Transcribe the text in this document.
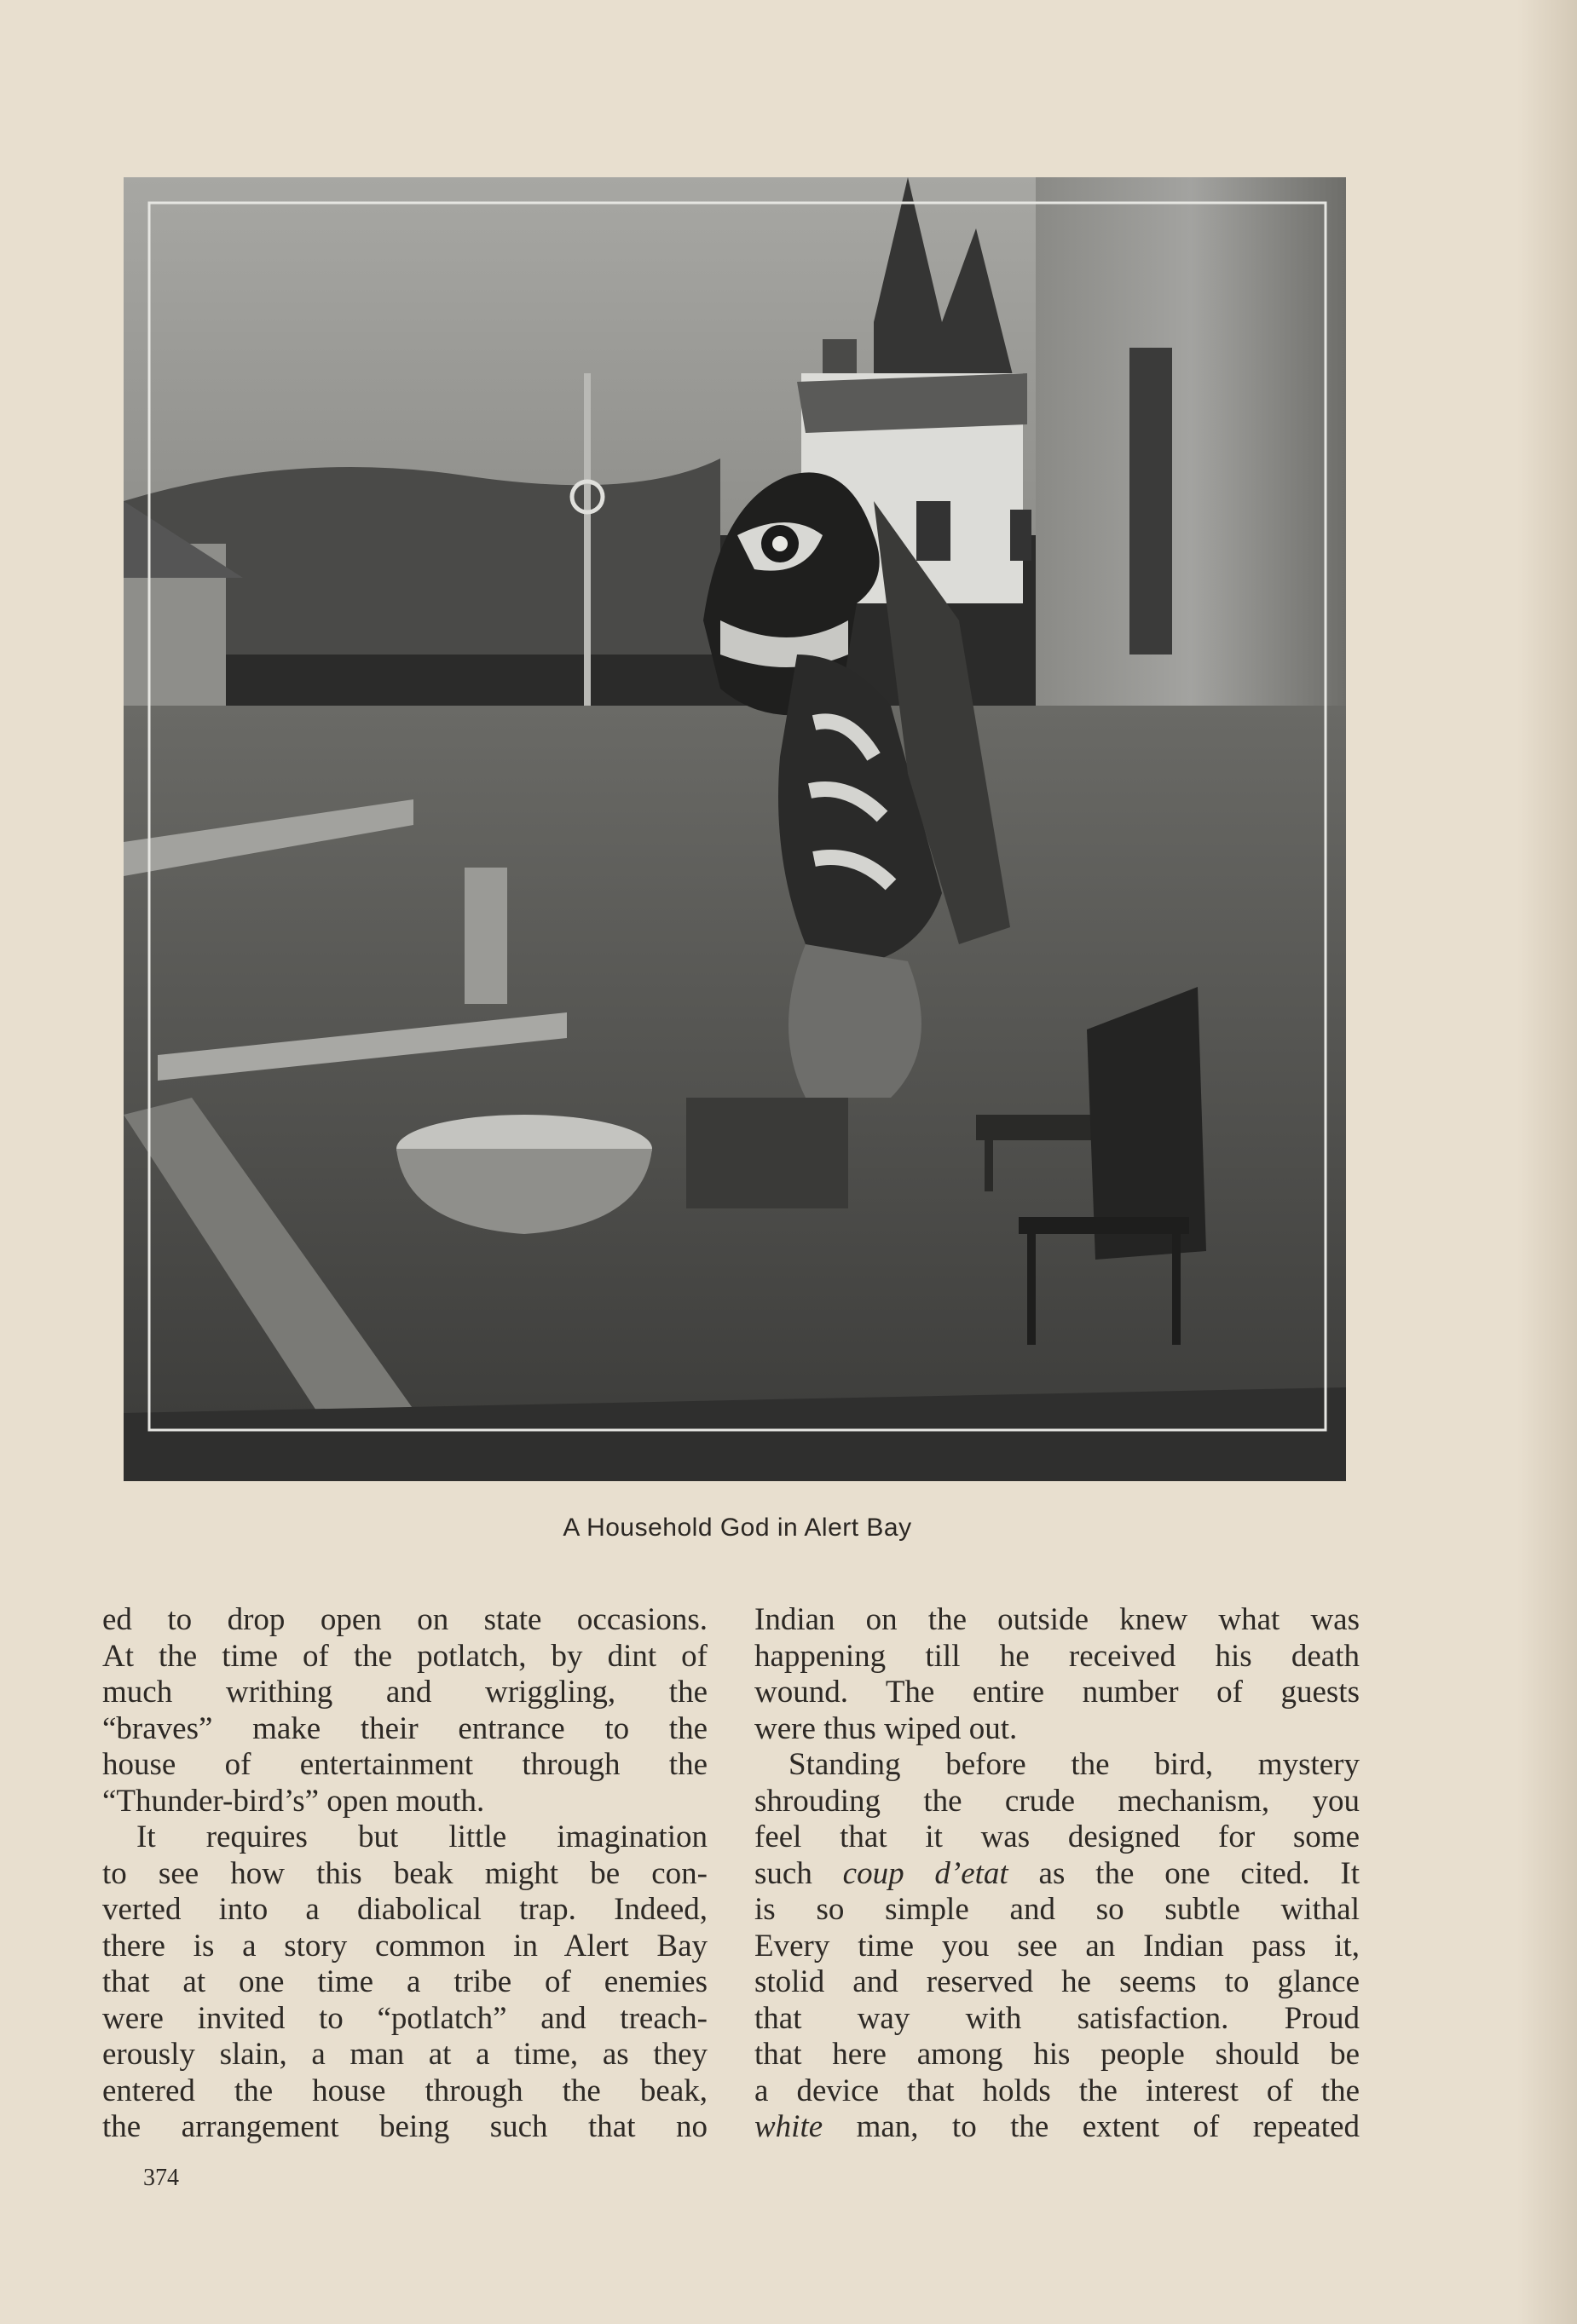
A Household God in Alert Bay

ed to drop open on state occasions.

At the time of the potlatch, by dint of

much writhing and wriggling, the

“braves” make their entrance to the

house of entertainment through the

“Thunder-bird’s” open mouth.

It requires but little imagination

to see how this beak might be con-

verted into a diabolical trap. Indeed,

there is a story common in Alert Bay

that at one time a tribe of enemies

were invited to “potlatch” and treach-

erously slain, a man at a time, as they

entered the house through the beak,

the arrangement being such that no

Indian on the outside knew what was

happening till he received his death

wound. The entire number of guests

were thus wiped out.

Standing before the bird, mystery

shrouding the crude mechanism, you

feel that it was designed for some

such coup d’etat as the one cited. It

is so simple and so subtle withal

Every time you see an Indian pass it,

stolid and reserved he seems to glance

that way with satisfaction. Proud

that here among his people should be

a device that holds the interest of the

white man, to the extent of repeated

374
